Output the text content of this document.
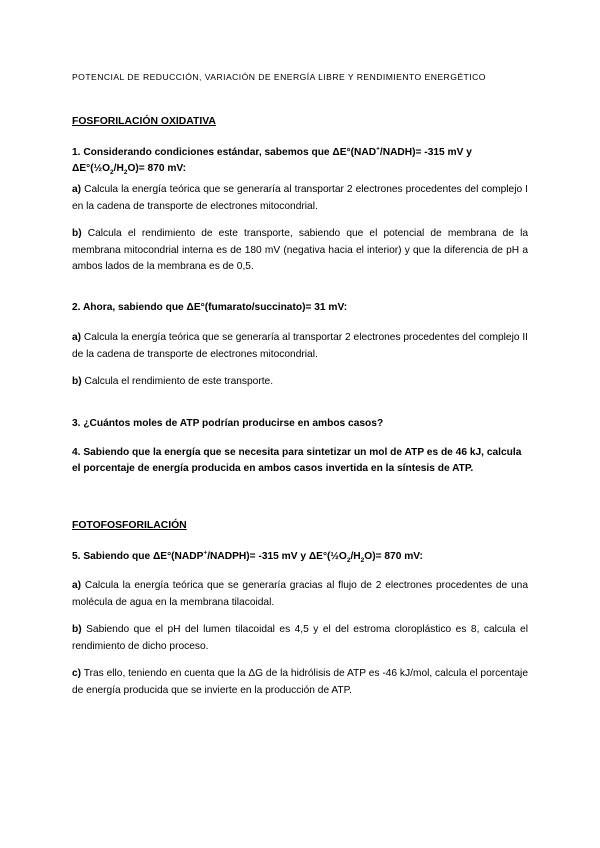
POTENCIAL DE REDUCCIÓN, VARIACIÓN DE ENERGÍA LIBRE Y RENDIMIENTO ENERGÉTICO
FOSFORILACIÓN OXIDATIVA
1. Considerando condiciones estándar, sabemos que ΔE°(NAD+/NADH)= -315 mV y
$\Delta E^\circ(\frac{1}{2}O_2/H_2O)= 870$ mV:
a) Calcula la energía teórica que se generaría al transportar 2 electrones procedentes del complejo I en la cadena de transporte de electrones mitocondrial.
b) Calcula el rendimiento de este transporte, sabiendo que el potencial de membrana de la membrana mitocondrial interna es de 180 mV (negativa hacia el interior) y que la diferencia de pH a ambos lados de la membrana es de 0,5.
2. Ahora, sabiendo que ΔE°(fumarato/succinato)= 31 mV:
a) Calcula la energía teórica que se generaría al transportar 2 electrones procedentes del complejo II de la cadena de transporte de electrones mitocondrial.
b) Calcula el rendimiento de este transporte.
3. ¿Cuántos moles de ATP podrían producirse en ambos casos?
4. Sabiendo que la energía que se necesita para sintetizar un mol de ATP es de 46 kJ, calcula el porcentaje de energía producida en ambos casos invertida en la síntesis de ATP.
FOTOFOSFORILACIÓN
5. Sabiendo que ΔE°(NADP+/NADPH)= -315 mV y $\Delta E^\circ(\frac{1}{2}O_2/H_2O)= 870$ mV:
a) Calcula la energía teórica que se generaría gracias al flujo de 2 electrones procedentes de una molécula de agua en la membrana tilacoidal.
b) Sabiendo que el pH del lumen tilacoidal es 4,5 y el del estroma cloroplástico es 8, calcula el rendimiento de dicho proceso.
c) Tras ello, teniendo en cuenta que la ΔG de la hidrólisis de ATP es -46 kJ/mol, calcula el porcentaje de energía producida que se invierte en la producción de ATP.
